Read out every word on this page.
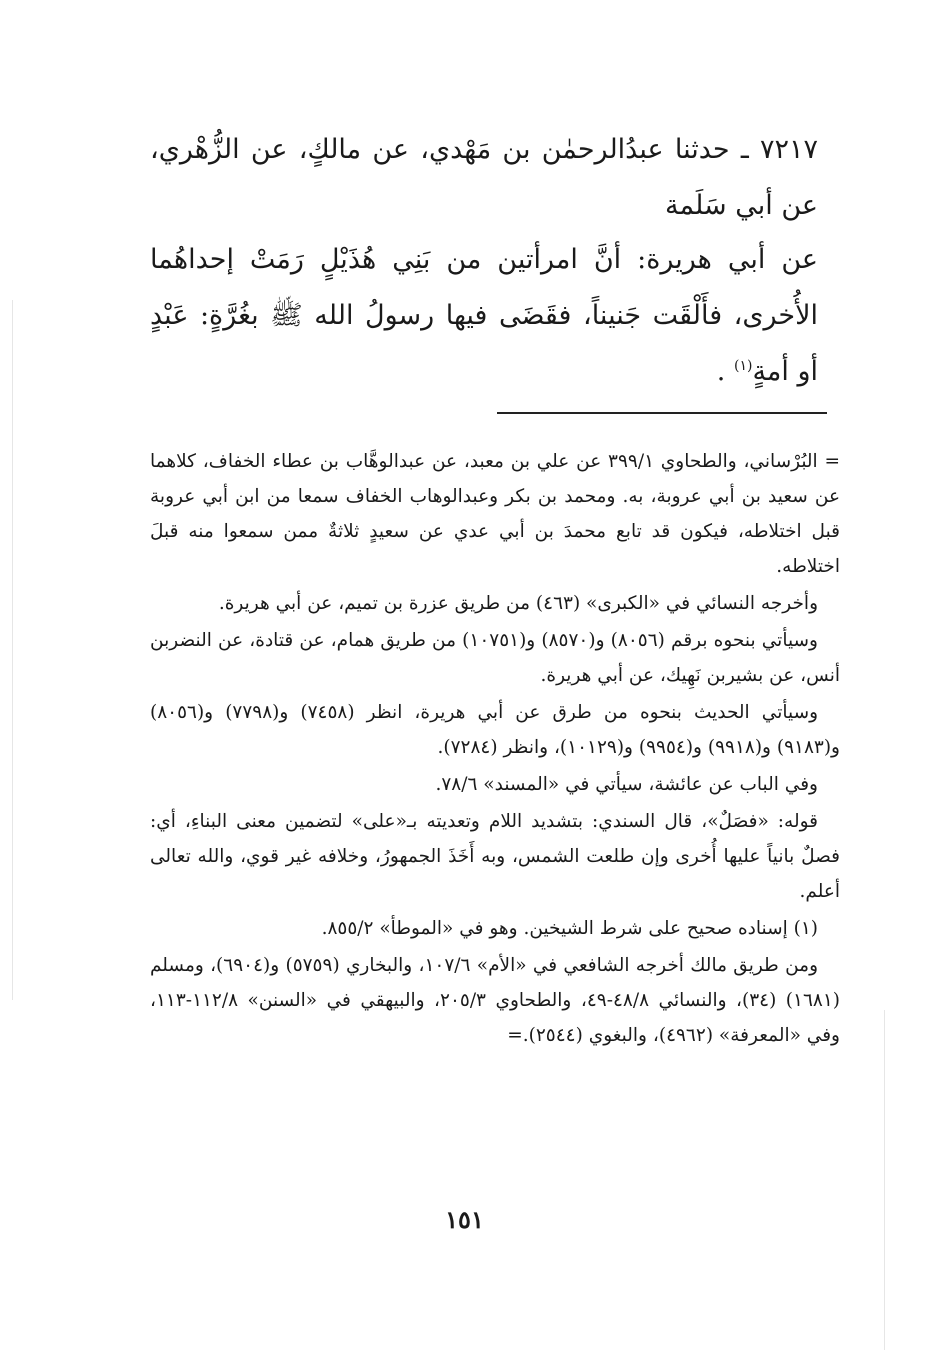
٧٢١٧ ـ حدثنا عبدُالرحمٰن بن مَهْدي، عن مالكٍ، عن الزُّهْري، عن أبي سَلَمة
عن أبي هريرة: أنَّ امرأتين من بَنِي هُذَيْلٍ رَمَتْ إحداهُما الأُخرى، فأَلْقَت جَنيناً، فقَضَى فيها رسولُ الله ﷺ بغُرَّةٍ: عَبْدٍ أو أمةٍ$^{(١)}$ .

= البُرْساني، والطحاوي ٣٩٩/١ عن علي بن معبد، عن عبدالوهَّاب بن عطاء الخفاف، كلاهما عن سعيد بن أبي عروبة، به. ومحمد بن بكر وعبدالوهاب الخفاف سمعا من ابن أبي عروبة قبل اختلاطه، فيكون قد تابع محمدَ بن أبي عدي عن سعيدٍ ثلاثةٌ ممن سمعوا منه قبلَ اختلاطه.

وأخرجه النسائي في «الكبرى» (٤٦٣) من طريق عزرة بن تميم، عن أبي هريرة.

وسيأتي بنحوه برقم (٨٠٥٦) و(٨٥٧٠) و(١٠٧٥١) من طريق همام، عن قتادة، عن النضربن أنس، عن بشيربن نَهِيك، عن أبي هريرة.

وسيأتي الحديث بنحوه من طرق عن أبي هريرة، انظر (٧٤٥٨) و(٧٧٩٨) و(٨٠٥٦) و(٩١٨٣) و(٩٩١٨) و(٩٩٥٤) و(١٠١٢٩)، وانظر (٧٢٨٤).

وفي الباب عن عائشة، سيأتي في «المسند» ٧٨/٦.

قوله: «فصَلٌ»، قال السندي: بتشديد اللام وتعديته بـ«على» لتضمين معنى البناءِ، أي: فصلٌ بانياً عليها أُخرى وإن طلعت الشمس، وبه أَخَذَ الجمهورُ، وخلافه غير قوي، والله تعالى أعلم.

(١) إسناده صحيح على شرط الشيخين. وهو في «الموطأ» ٨٥٥/٢.

ومن طريق مالك أخرجه الشافعي في «الأم» ١٠٧/٦، والبخاري (٥٧٥٩) و(٦٩٠٤)، ومسلم (١٦٨١) (٣٤)، والنسائي ٤٨/٨-٤٩، والطحاوي ٢٠٥/٣، والبيهقي في «السنن» ١١٢/٨-١١٣، وفي «المعرفة» (٤٩٦٢)، والبغوي (٢٥٤٤).=

١٥١
